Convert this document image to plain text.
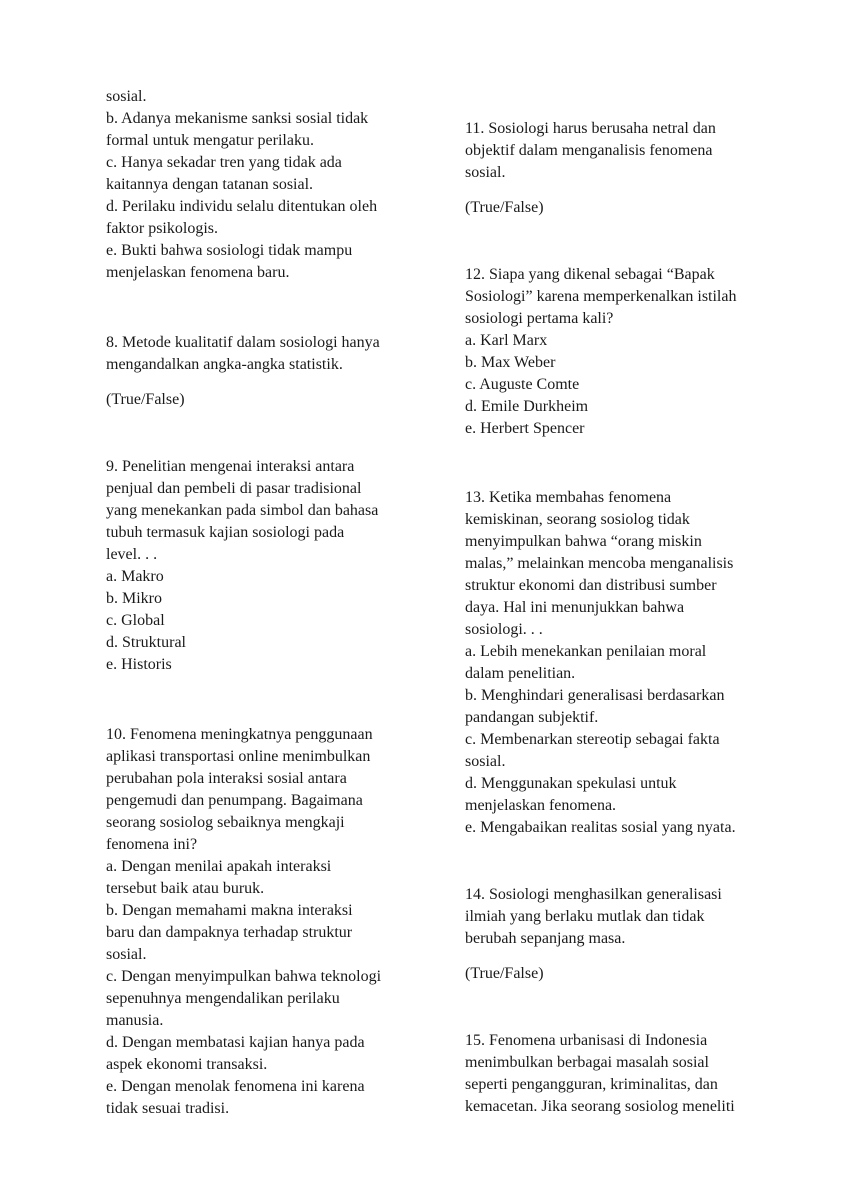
sosial.
b. Adanya mekanisme sanksi sosial tidak
formal untuk mengatur perilaku.
c. Hanya sekadar tren yang tidak ada
kaitannya dengan tatanan sosial.
d. Perilaku individu selalu ditentukan oleh
faktor psikologis.
e. Bukti bahwa sosiologi tidak mampu
menjelaskan fenomena baru.
8. Metode kualitatif dalam sosiologi hanya
mengandalkan angka-angka statistik.
(True/False)
9. Penelitian mengenai interaksi antara
penjual dan pembeli di pasar tradisional
yang menekankan pada simbol dan bahasa
tubuh termasuk kajian sosiologi pada
level. . .
a. Makro
b. Mikro
c. Global
d. Struktural
e. Historis
10. Fenomena meningkatnya penggunaan
aplikasi transportasi online menimbulkan
perubahan pola interaksi sosial antara
pengemudi dan penumpang. Bagaimana
seorang sosiolog sebaiknya mengkaji
fenomena ini?
a. Dengan menilai apakah interaksi
tersebut baik atau buruk.
b. Dengan memahami makna interaksi
baru dan dampaknya terhadap struktur
sosial.
c. Dengan menyimpulkan bahwa teknologi
sepenuhnya mengendalikan perilaku
manusia.
d. Dengan membatasi kajian hanya pada
aspek ekonomi transaksi.
e. Dengan menolak fenomena ini karena
tidak sesuai tradisi.
11. Sosiologi harus berusaha netral dan
objektif dalam menganalisis fenomena
sosial.
(True/False)
12. Siapa yang dikenal sebagai “Bapak
Sosiologi” karena memperkenalkan istilah
sosiologi pertama kali?
a. Karl Marx
b. Max Weber
c. Auguste Comte
d. Emile Durkheim
e. Herbert Spencer
13. Ketika membahas fenomena
kemiskinan, seorang sosiolog tidak
menyimpulkan bahwa “orang miskin
malas,” melainkan mencoba menganalisis
struktur ekonomi dan distribusi sumber
daya. Hal ini menunjukkan bahwa
sosiologi. . .
a. Lebih menekankan penilaian moral
dalam penelitian.
b. Menghindari generalisasi berdasarkan
pandangan subjektif.
c. Membenarkan stereotip sebagai fakta
sosial.
d. Menggunakan spekulasi untuk
menjelaskan fenomena.
e. Mengabaikan realitas sosial yang nyata.
14. Sosiologi menghasilkan generalisasi
ilmiah yang berlaku mutlak dan tidak
berubah sepanjang masa.
(True/False)
15. Fenomena urbanisasi di Indonesia
menimbulkan berbagai masalah sosial
seperti pengangguran, kriminalitas, dan
kemacetan. Jika seorang sosiolog meneliti
